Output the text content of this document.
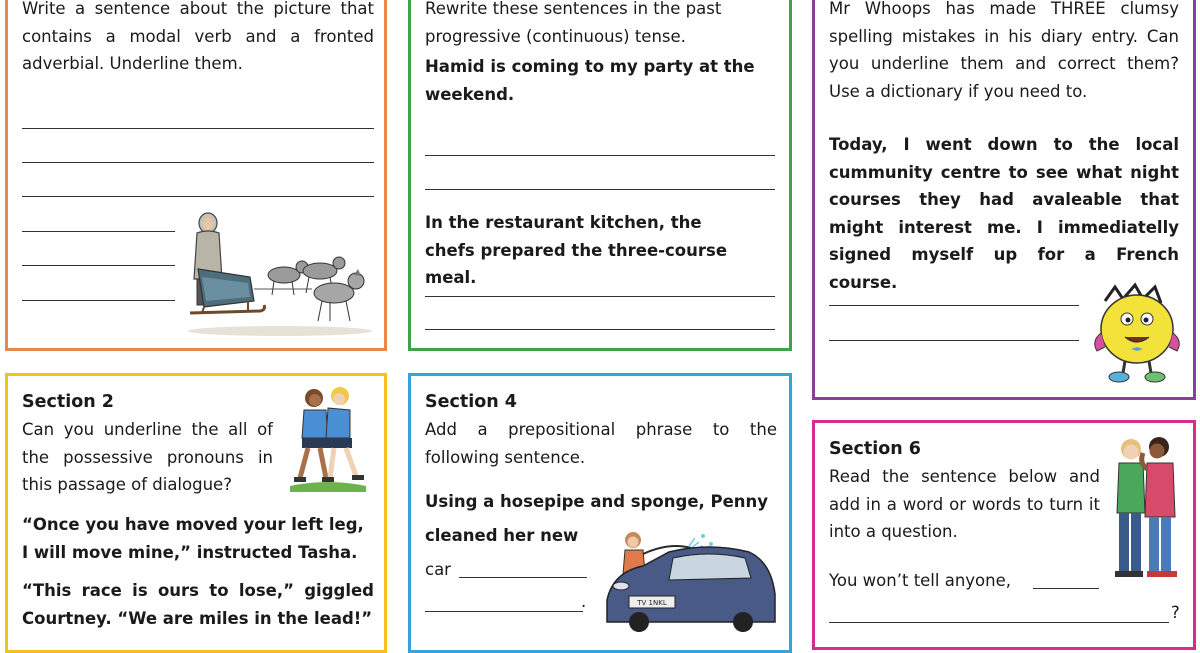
Write a sentence about the picture that contains a modal verb and a fronted adverbial. Underline them.
Rewrite these sentences in the past progressive (continuous) tense.
Hamid is coming to my party at the weekend.
In the restaurant kitchen, the chefs prepared the three-course meal.
Mr Whoops has made THREE clumsy spelling mistakes in his diary entry. Can you underline them and correct them? Use a dictionary if you need to.
Today, I went down to the local cummunity centre to see what night courses they had avaleable that might interest me. I immediatelly signed myself up for a French course.
Section 2
Can you underline the all of the possessive pronouns in this passage of dialogue?
“Once you have moved your left leg, I will move mine,” instructed Tasha.
“This race is ours to lose,” giggled Courtney. “We are miles in the lead!”
Section 4
Add a prepositional phrase to the following sentence.
Using a hosepipe and sponge, Penny
cleaned her new
car
.	TV 1NKL
Section 6
Read the sentence below and add in a word or words to turn it into a question.
You won’t tell anyone,
?
